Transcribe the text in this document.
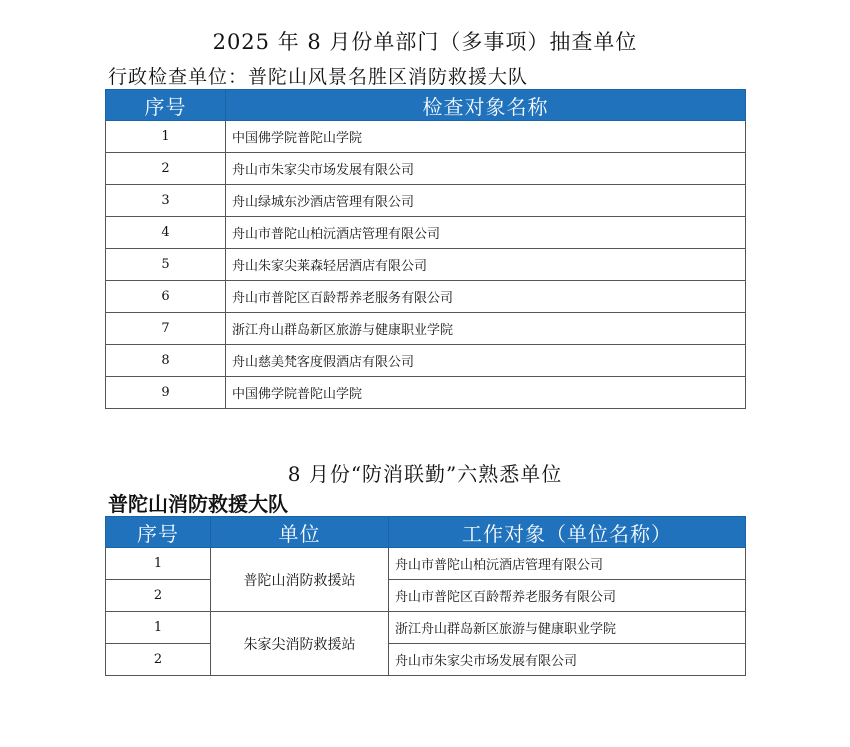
2025 年 8 月份单部门（多事项）抽查单位
行政检查单位：普陀山风景名胜区消防救援大队
序号	检查对象名称
1	中国佛学院普陀山学院
2	舟山市朱家尖市场发展有限公司
3	舟山绿城东沙酒店管理有限公司
4	舟山市普陀山柏沅酒店管理有限公司
5	舟山朱家尖莱森轻居酒店有限公司
6	舟山市普陀区百龄帮养老服务有限公司
7	浙江舟山群岛新区旅游与健康职业学院
8	舟山慈美梵客度假酒店有限公司
9	中国佛学院普陀山学院
8 月份“防消联勤”六熟悉单位
普陀山消防救援大队
序号	单位	工作对象（单位名称）
1	普陀山消防救援站	舟山市普陀山柏沅酒店管理有限公司
2		舟山市普陀区百龄帮养老服务有限公司
1	朱家尖消防救援站	浙江舟山群岛新区旅游与健康职业学院
2		舟山市朱家尖市场发展有限公司
